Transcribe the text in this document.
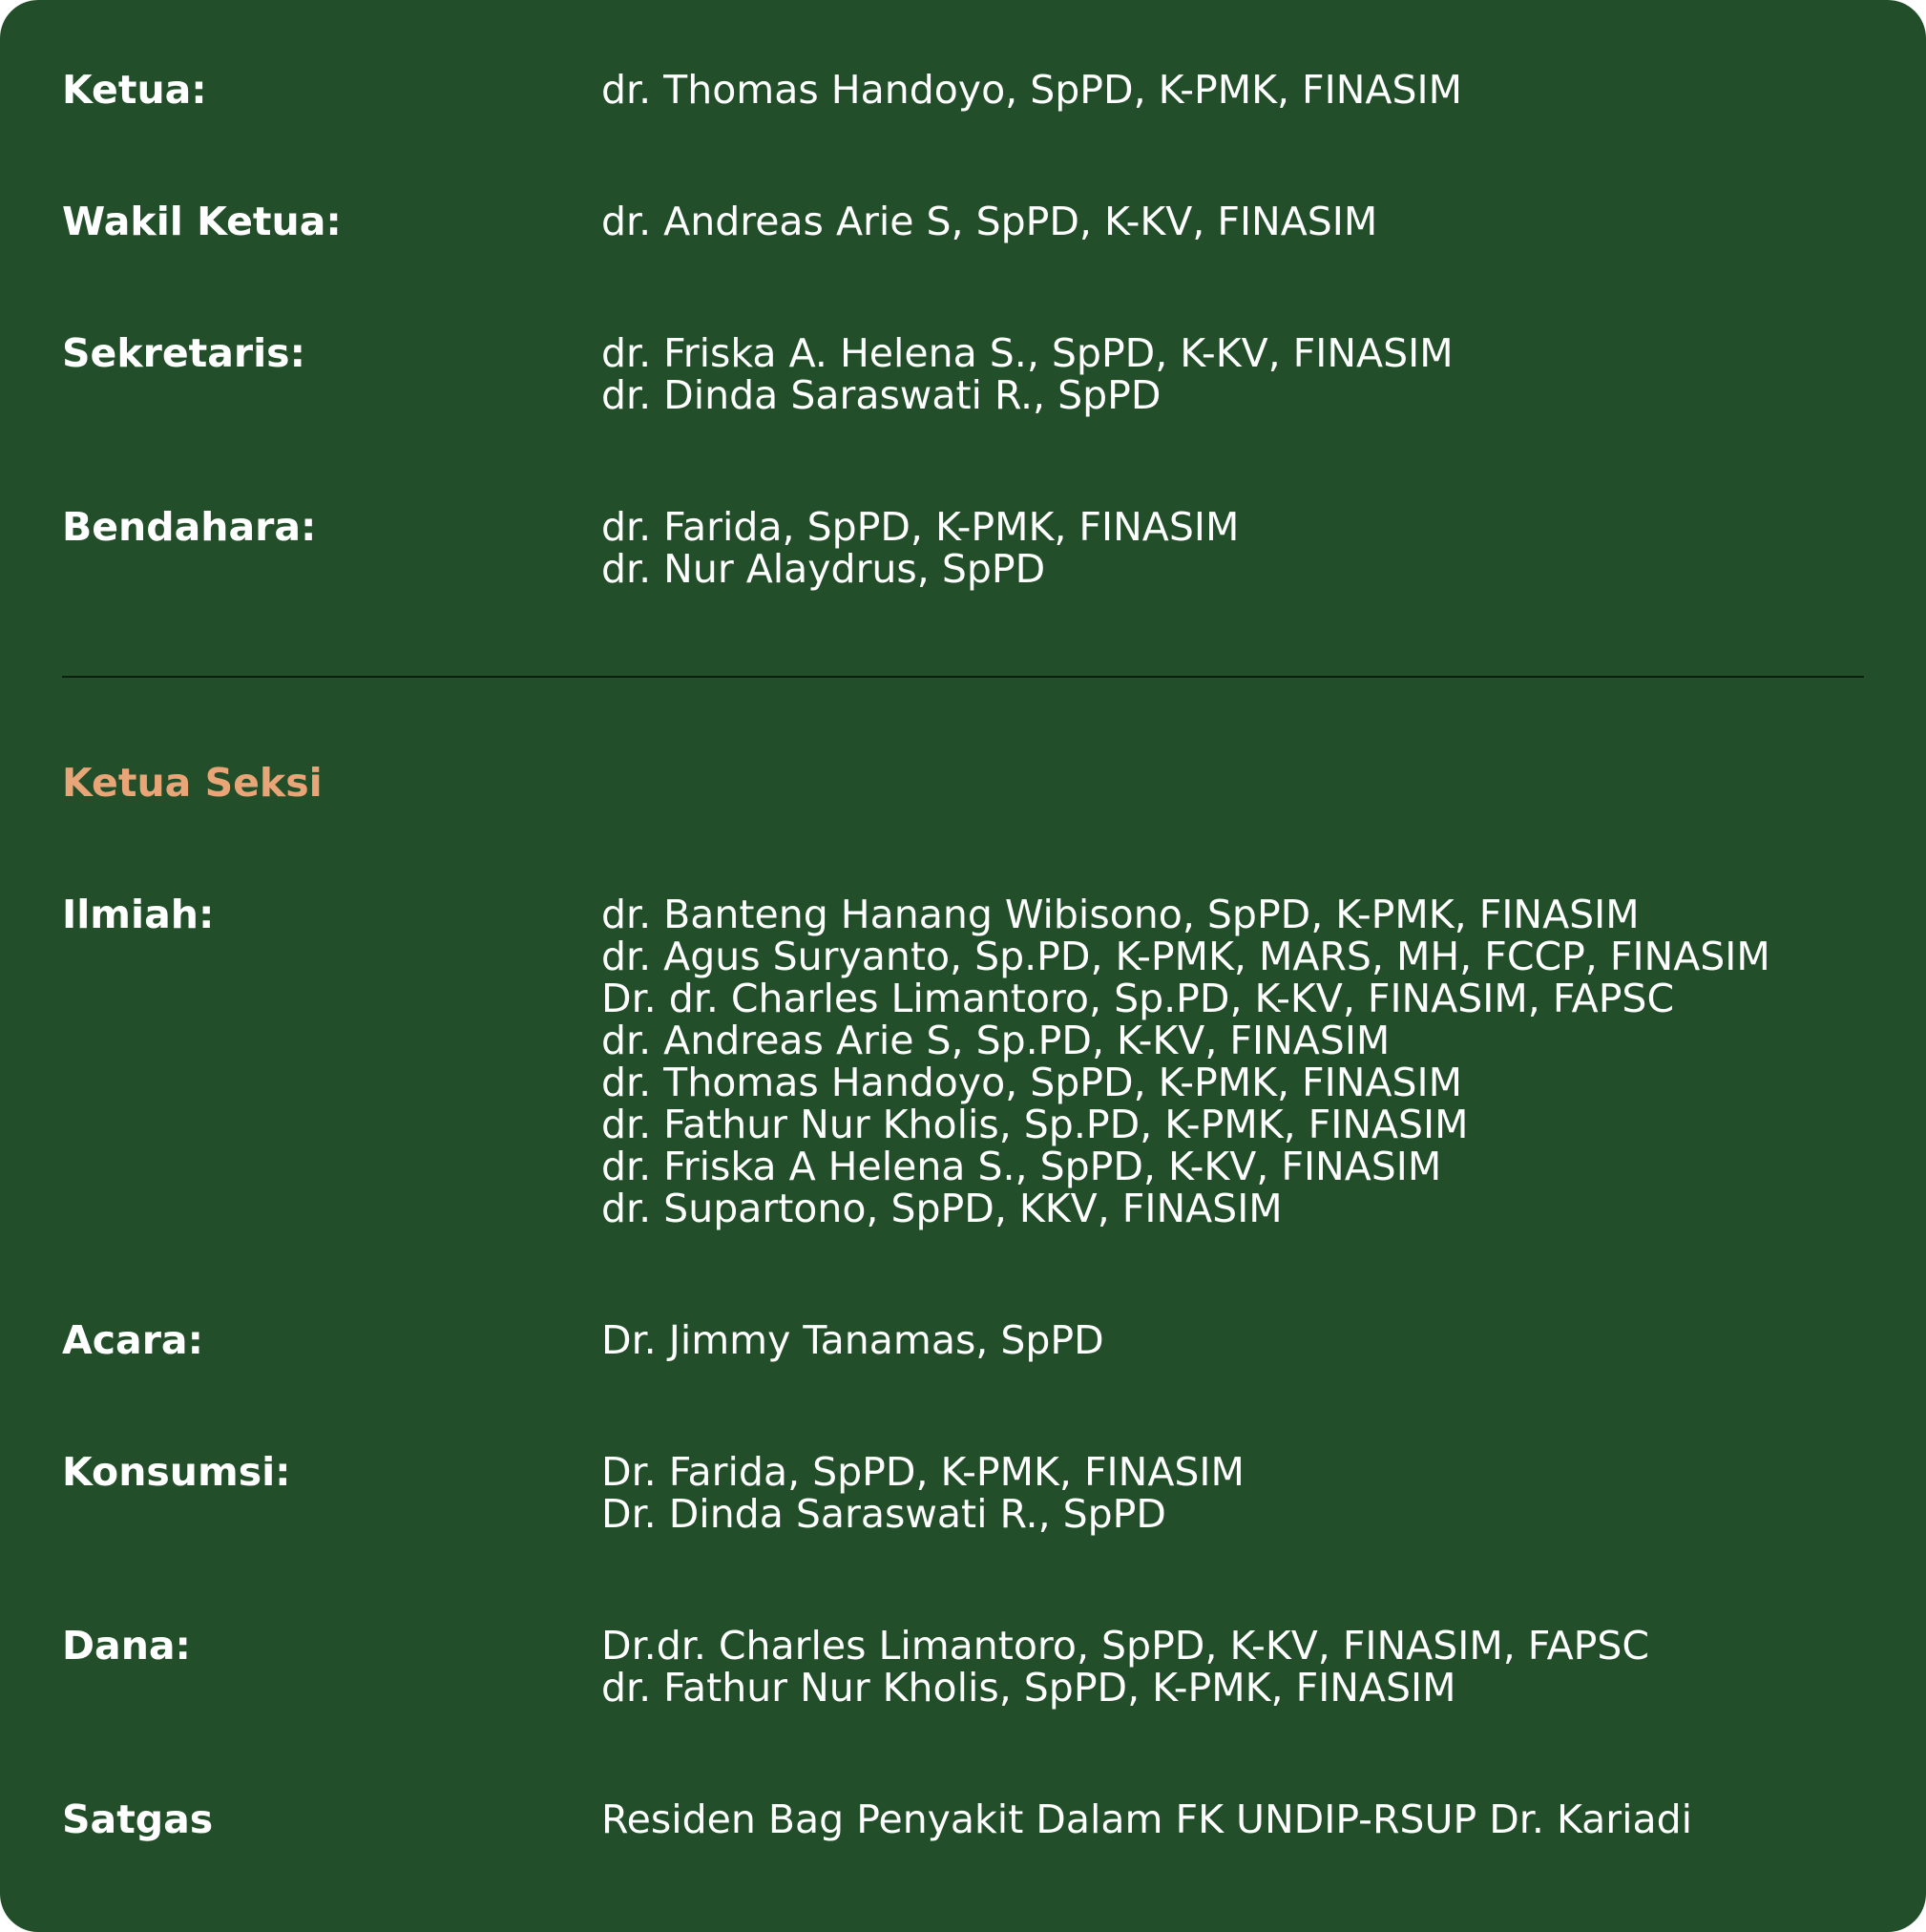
Ketua:	dr. Thomas Handoyo, SpPD, K-PMK, FINASIM
Wakil Ketua:	dr. Andreas Arie S, SpPD, K-KV, FINASIM
Sekretaris:	dr. Friska A. Helena S., SpPD, K-KV, FINASIM
dr. Dinda Saraswati R., SpPD
Bendahara:	dr. Farida, SpPD, K-PMK, FINASIM
dr. Nur Alaydrus, SpPD
Ketua Seksi
Ilmiah:	dr. Banteng Hanang Wibisono, SpPD, K-PMK, FINASIM
dr. Agus Suryanto, Sp.PD, K-PMK, MARS, MH, FCCP, FINASIM
Dr. dr. Charles Limantoro, Sp.PD, K-KV, FINASIM, FAPSC
dr. Andreas Arie S, Sp.PD, K-KV, FINASIM
dr. Thomas Handoyo, SpPD, K-PMK, FINASIM
dr. Fathur Nur Kholis, Sp.PD, K-PMK, FINASIM
dr. Friska A Helena S., SpPD, K-KV, FINASIM
dr. Supartono, SpPD, KKV, FINASIM
Acara:	Dr. Jimmy Tanamas, SpPD
Konsumsi:	Dr. Farida, SpPD, K-PMK, FINASIM
Dr. Dinda Saraswati R., SpPD
Dana:	Dr.dr. Charles Limantoro, SpPD, K-KV, FINASIM, FAPSC
dr. Fathur Nur Kholis, SpPD, K-PMK, FINASIM
Satgas	Residen Bag Penyakit Dalam FK UNDIP-RSUP Dr. Kariadi
